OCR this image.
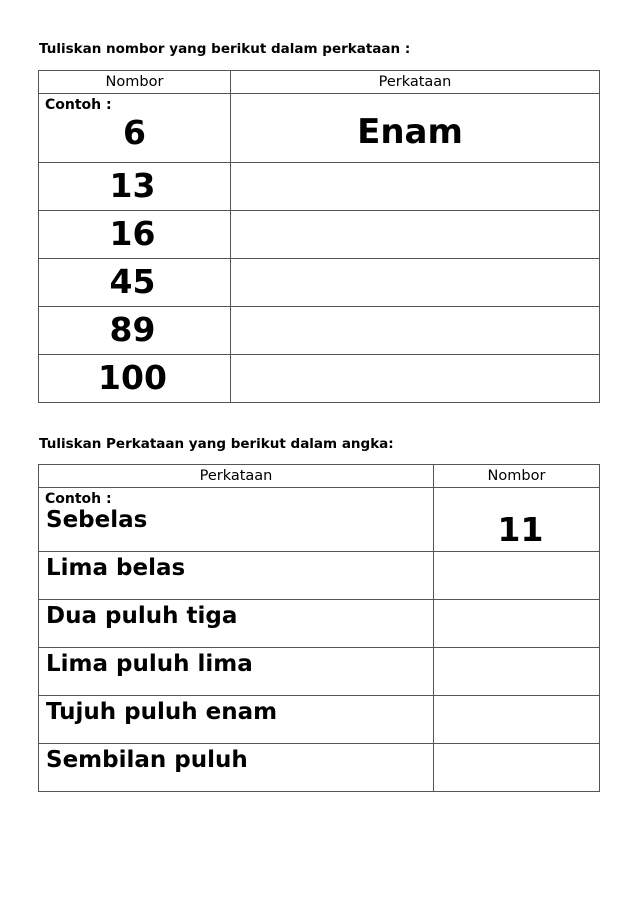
Tuliskan nombor yang berikut dalam perkataan :
Nombor	Perkataan

Contoh :
6	Enam

13	

16	

45	

89	

100	

Tuliskan Perkataan yang berikut dalam angka:
Perkataan	Nombor

Contoh :
Sebelas	11

Lima belas	

Dua puluh tiga	

Lima puluh lima	

Tujuh puluh enam	

Sembilan puluh	
